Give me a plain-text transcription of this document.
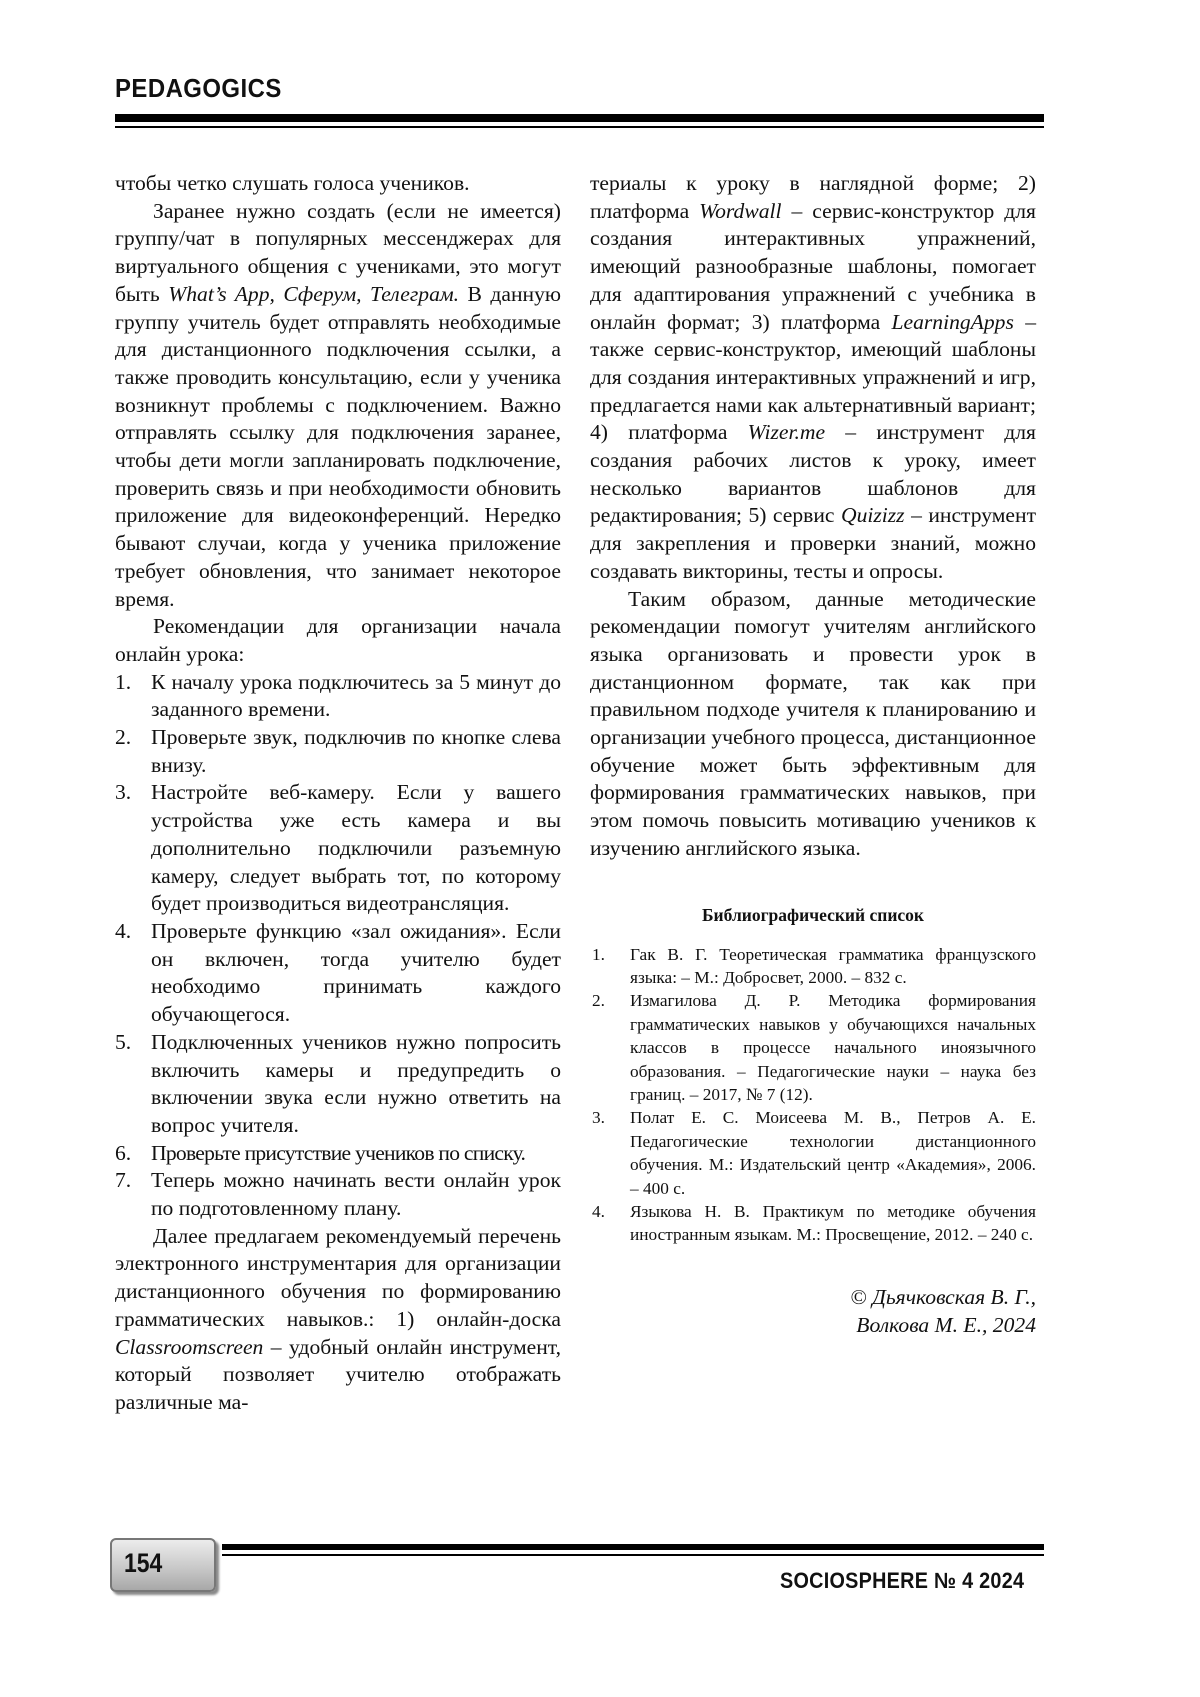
PEDAGOGICS

чтобы четко слушать голоса учеников.

Заранее нужно создать (если не имеется) группу/чат в популярных мессенджерах для виртуального общения с учениками, это могут быть What’s App, Сферум, Телеграм. В данную группу учитель будет отправлять необходимые для дистанционного подключения ссылки, а также проводить консультацию, если у ученика возникнут проблемы с подключением. Важно отправлять ссылку для подключения заранее, чтобы дети могли запланировать подключение, проверить связь и при необходимости обновить приложение для видеоконференций. Нередко бывают случаи, когда у ученика приложение требует обновления, что занимает некоторое время.

Рекомендации для организации начала онлайн урока:

1. К началу урока подключитесь за 5 минут до заданного времени.
2. Проверьте звук, подключив по кнопке слева внизу.
3. Настройте веб-камеру. Если у вашего устройства уже есть камера и вы дополнительно подключили разъемную камеру, следует выбрать тот, по которому будет производиться видеотрансляция.
4. Проверьте функцию «зал ожидания». Если он включен, тогда учителю будет необходимо принимать каждого обучающегося.
5. Подключенных учеников нужно попросить включить камеры и предупредить о включении звука если нужно ответить на вопрос учителя.
6. Проверьте присутствие учеников по списку.
7. Теперь можно начинать вести онлайн урок по подготовленному плану.

Далее предлагаем рекомендуемый перечень электронного инструментария для организации дистанционного обучения по формированию грамматических навыков.: 1) онлайн-доска Classroomscreen – удобный онлайн инструмент, который позволяет учителю отображать различные ма-

териалы к уроку в наглядной форме; 2) платформа Wordwall – сервис-конструктор для создания интерактивных упражнений, имеющий разнообразные шаблоны, помогает для адаптирования упражнений с учебника в онлайн формат; 3) платформа LearningApps – также сервис-конструктор, имеющий шаблоны для создания интерактивных упражнений и игр, предлагается нами как альтернативный вариант; 4) платформа Wizer.me – инструмент для создания рабочих листов к уроку, имеет несколько вариантов шаблонов для редактирования; 5) сервис Quizizz – инструмент для закрепления и проверки знаний, можно создавать викторины, тесты и опросы.

Таким образом, данные методические рекомендации помогут учителям английского языка организовать и провести урок в дистанционном формате, так как при правильном подходе учителя к планированию и организации учебного процесса, дистанционное обучение может быть эффективным для формирования грамматических навыков, при этом помочь повысить мотивацию учеников к изучению английского языка.

Библиографический список
1.	Гак В. Г. Теоретическая грамматика французского языка: – М.: Добросвет, 2000. – 832 с.
2.	Измагилова Д. Р. Методика формирования грамматических навыков у обучающихся начальных классов в процессе начального иноязычного образования. – Педагогические науки – наука без границ. – 2017, № 7 (12).
3.	Полат Е. С. Моисеева М. В., Петров А. Е. Педагогические технологии дистанционного обучения. М.: Издательский центр «Академия», 2006. – 400 с.
4.	Языкова Н. В. Практикум по методике обучения иностранным языкам. М.: Просвещение, 2012. – 240 с.
© Дьячковская В. Г.,
Волкова М. Е., 2024
154
SOCIOSPHERE № 4 2024
